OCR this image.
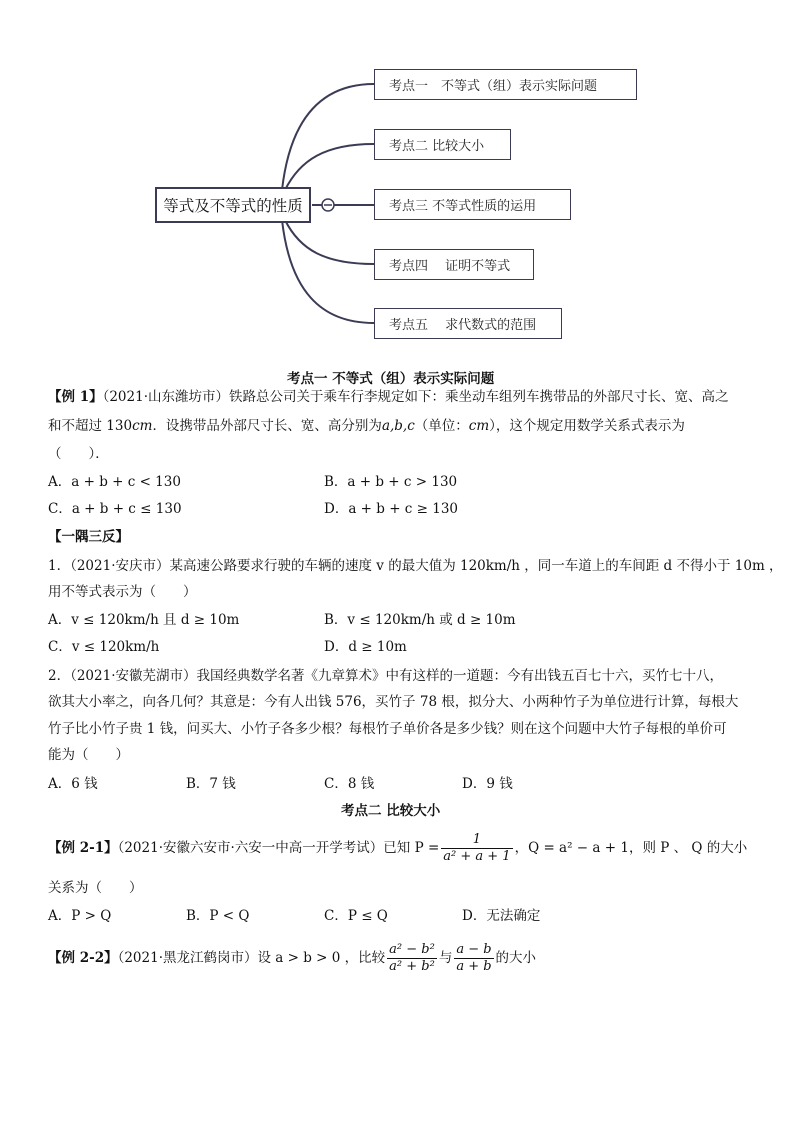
等式及不等式的性质
考点一　不等式（组）表示实际问题
考点二 比较大小
考点三 不等式性质的运用
考点四　 证明不等式
考点五　 求代数式的范围
考点一 不等式（组）表示实际问题
【例 1】（2021·山东潍坊市）铁路总公司关于乘车行李规定如下：乘坐动车组列车携带品的外部尺寸长、宽、高之
和不超过 130cm．设携带品外部尺寸长、宽、高分别为a,b,c（单位：cm），这个规定用数学关系式表示为
（　　）．
A．a + b + c < 130	B．a + b + c > 130
C．a + b + c ≤ 130	D．a + b + c ≥ 130
【一隅三反】
1．（2021·安庆市）某高速公路要求行驶的车辆的速度 v 的最大值为 120km/h ，同一车道上的车间距 d 不得小于 10m ，
用不等式表示为（　　）
A．v ≤ 120km/h 且 d ≥ 10m	B．v ≤ 120km/h 或 d ≥ 10m
C．v ≤ 120km/h	D．d ≥ 10m
2．（2021·安徽芜湖市）我国经典数学名著《九章算术》中有这样的一道题：今有出钱五百七十六，买竹七十八，
欲其大小率之，向各几何？其意是：今有人出钱 576，买竹子 78 根，拟分大、小两种竹子为单位进行计算，每根大
竹子比小竹子贵 1 钱，问买大、小竹子各多少根？每根竹子单价各是多少钱？则在这个问题中大竹子每根的单价可
能为（　　）
A．6 钱	B．7 钱	C．8 钱	D．9 钱
考点二 比较大小
【例 2-1】（2021·安徽六安市·六安一中高一开学考试）已知 $P = \frac{1}{\text{a² + a + 1}}$ ，Q = a² − a + 1，则 P 、 Q 的大小
关系为（　　）
A．P > Q	B．P < Q	C．P ≤ Q	D．无法确定
【例 2-2】（2021·黑龙江鹤岗市）设 a > b > 0 ，比较 $\frac{\text{a² − b²}}{\text{a² + b²}}$ 与 $\frac{a - b}{a + b}$ 的大小
